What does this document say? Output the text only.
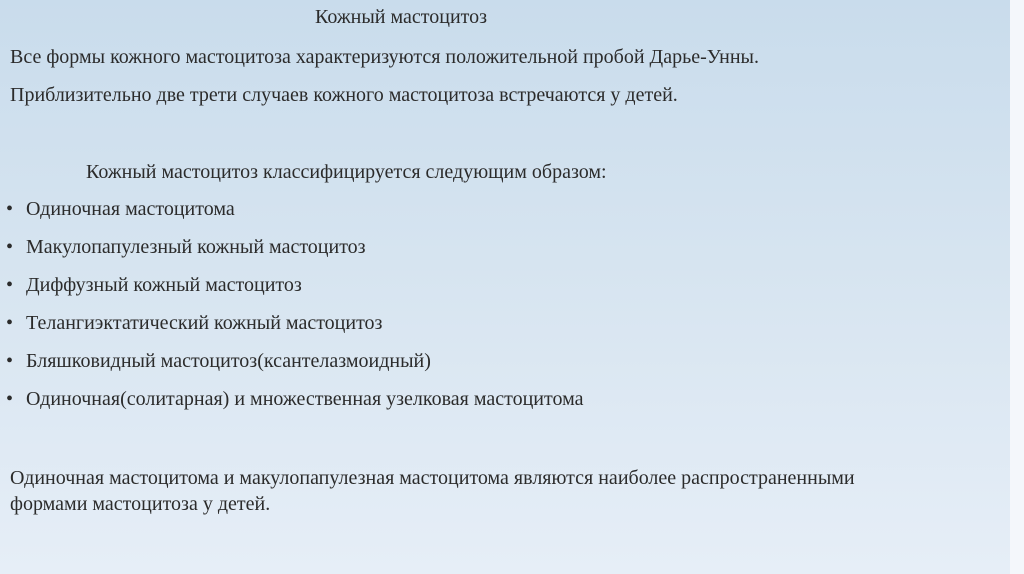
Кожный мастоцитоз

Все формы кожного мастоцитоза характеризуются положительной пробой Дарье-Унны.

Приблизительно две трети случаев кожного мастоцитоза встречаются у детей.

Кожный мастоцитоз классифицируется следующим образом:

• Одиночная мастоцитома
• Макулопапулезный кожный мастоцитоз
• Диффузный кожный мастоцитоз
• Телангиэктатический кожный мастоцитоз
• Бляшковидный мастоцитоз(ксантелазмоидный)
• Одиночная(солитарная) и множественная узелковая мастоцитома

Одиночная мастоцитома и макулопапулезная мастоцитома являются наиболее распространенными формами мастоцитоза у детей.
